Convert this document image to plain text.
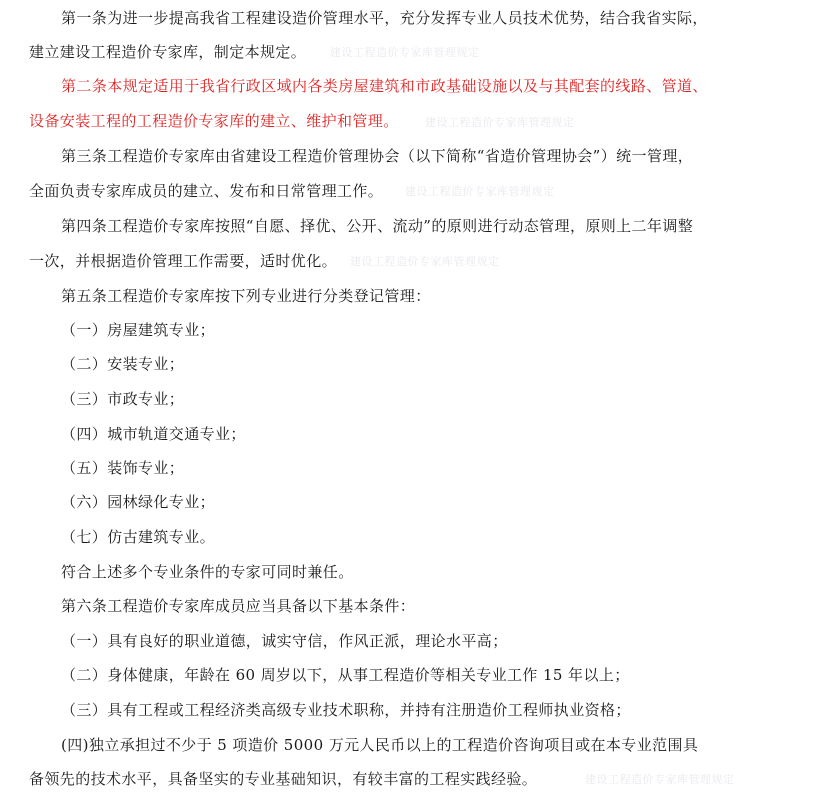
第一条为进一步提高我省工程建设造价管理水平，充分发挥专业人员技术优势，结合我省实际，
建立建设工程造价专家库，制定本规定。
第二条本规定适用于我省行政区域内各类房屋建筑和市政基础设施以及与其配套的线路、管道、
设备安装工程的工程造价专家库的建立、维护和管理。
第三条工程造价专家库由省建设工程造价管理协会（以下简称“省造价管理协会”）统一管理，
全面负责专家库成员的建立、发布和日常管理工作。
第四条工程造价专家库按照“自愿、择优、公开、流动”的原则进行动态管理，原则上二年调整
一次，并根据造价管理工作需要，适时优化。
第五条工程造价专家库按下列专业进行分类登记管理：
（一）房屋建筑专业；
（二）安装专业；
（三）市政专业；
（四）城市轨道交通专业；
（五）装饰专业；
（六）园林绿化专业；
（七）仿古建筑专业。
符合上述多个专业条件的专家可同时兼任。
第六条工程造价专家库成员应当具备以下基本条件：
（一）具有良好的职业道德，诚实守信，作风正派，理论水平高；
（二）身体健康，年龄在 60 周岁以下，从事工程造价等相关专业工作 15 年以上；
（三）具有工程或工程经济类高级专业技术职称，并持有注册造价工程师执业资格；
(四)独立承担过不少于 5 项造价 5000 万元人民币以上的工程造价咨询项目或在本专业范围具
备领先的技术水平，具备坚实的专业基础知识，有较丰富的工程实践经验。
建设工程造价专家库管理规定
建设工程造价专家库管理规定
建设工程造价专家库管理规定
建设工程造价专家库管理规定
建设工程造价专家库管理规定
